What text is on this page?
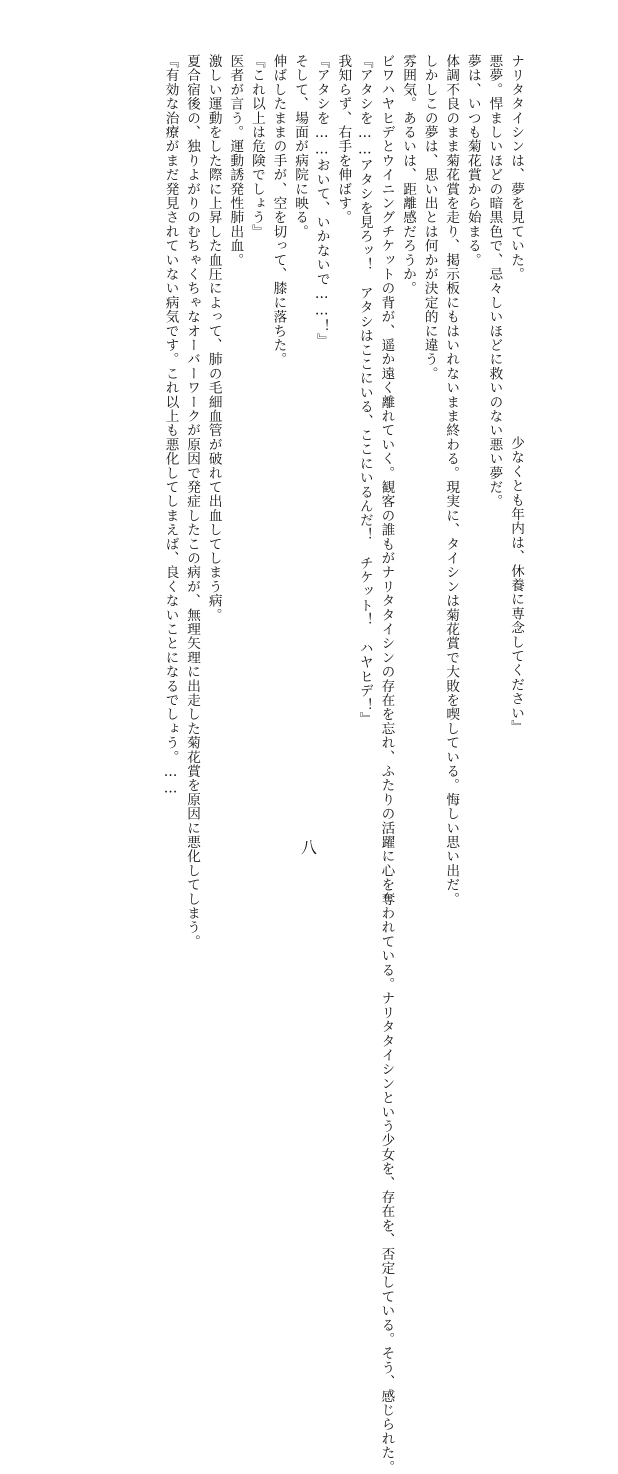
ナリタタイシンは、夢を見ていた。
悪夢。悍ましいほどの暗黒色で、忌々しいほどに救いのない悪い夢だ。
夢は、いつも菊花賞から始まる。
体調不良のまま菊花賞を走り、掲示板にもはいれないまま終わる。現実に、タイシンは菊花賞で大敗を喫している。悔しい思い出だ。
しかしこの夢は、思い出とは何かが決定的に違う。
雰囲気。あるいは、距離感だろうか。
ビワハヤヒデとウイニングチケットの背が、遥か遠く離れていく。観客の誰もがナリタタイシンの存在を忘れ、ふたりの活躍に心を奪われている。ナリタタイシンという少女を、存在を、否定している。そう、感じられた。
『アタシを……アタシを見ろッ！　アタシはここにいる、ここにいるんだ！　チケット！　ハヤヒデ！』
我知らず、右手を伸ばす。
『アタシを……おいて、いかないで……！』
そして、場面が病院に映る。
伸ばしたままの手が、空を切って、膝に落ちた。
『これ以上は危険でしょう』
医者が言う。運動誘発性肺出血。
激しい運動をした際に上昇した血圧によって、肺の毛細血管が破れて出血してしまう病。
夏合宿後の、独りよがりのむちゃくちゃなオーバーワークが原因で発症したこの病が、無理矢理に出走した菊花賞を原因に悪化してしまう。
『有効な治療がまだ発見されていない病気です。これ以上も悪化してしまえば、良くないことになるでしょう。……	少なくとも年内は、休養に専念してください』
八
